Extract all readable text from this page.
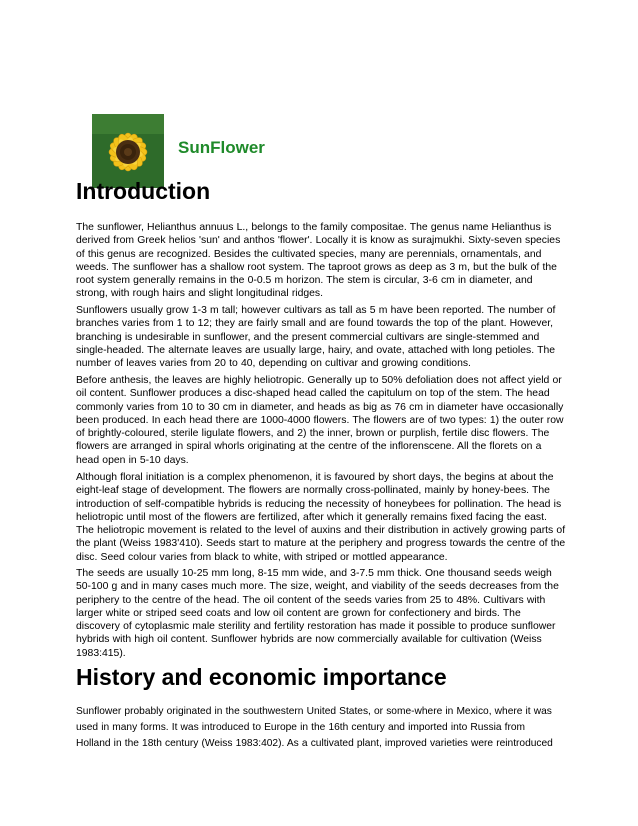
SunFlower
Introduction
The sunflower, Helianthus annuus L., belongs to the family compositae. The genus name Helianthus is
derived from Greek helios 'sun' and anthos 'flower'. Locally it is know as surajmukhi. Sixty-seven species
of this genus are recognized. Besides the cultivated species, many are perennials, ornamentals, and
weeds. The sunflower has a shallow root system. The taproot grows as deep as 3 m, but the bulk of the
root system generally remains in the 0-0.5 m horizon. The stem is circular, 3-6 cm in diameter, and
strong, with rough hairs and slight longitudinal ridges.
Sunflowers usually grow 1-3 m tall; however cultivars as tall as 5 m have been reported. The number of
branches varies from 1 to 12; they are fairly small and are found towards the top of the plant. However,
branching is undesirable in sunflower, and the present commercial cultivars are single-stemmed and
single-headed. The alternate leaves are usually large, hairy, and ovate, attached with long petioles. The
number of leaves varies from 20 to 40, depending on cultivar and growing conditions.
Before anthesis, the leaves are highly heliotropic. Generally up to 50% defoliation does not affect yield or
oil content. Sunflower produces a disc-shaped head called the capitulum on top of the stem. The head
commonly varies from 10 to 30 cm in diameter, and heads as big as 76 cm in diameter have occasionally
been produced. In each head there are 1000-4000 flowers. The flowers are of two types: 1) the outer row
of brightly-coloured, sterile ligulate flowers, and 2) the inner, brown or purplish, fertile disc flowers. The
flowers are arranged in spiral whorls originating at the centre of the inflorenscene. All the florets on a
head open in 5-10 days.
Although floral initiation is a complex phenomenon, it is favoured by short days, the begins at about the
eight-leaf stage of development. The flowers are normally cross-pollinated, mainly by honey-bees. The
introduction of self-compatible hybrids is reducing the necessity of honeybees for pollination. The head is
heliotropic until most of the flowers are fertilized, after which it generally remains fixed facing the east.
The heliotropic movement is related to the level of auxins and their distribution in actively growing parts of
the plant (Weiss 1983'410). Seeds start to mature at the periphery and progress towards the centre of the
disc. Seed colour varies from black to white, with striped or mottled appearance.
The seeds are usually 10-25 mm long, 8-15 mm wide, and 3-7.5 mm thick. One thousand seeds weigh
50-100 g and in many cases much more. The size, weight, and viability of the seeds decreases from the
periphery to the centre of the head. The oil content of the seeds varies from 25 to 48%. Cultivars with
larger white or striped seed coats and low oil content are grown for confectionery and birds. The
discovery of cytoplasmic male sterility and fertility restoration has made it possible to produce sunflower
hybrids with high oil content. Sunflower hybrids are now commercially available for cultivation (Weiss
1983:415).
History and economic importance
Sunflower probably originated in the southwestern United States, or some-where in Mexico, where it was
used in many forms. It was introduced to Europe in the 16th century and imported into Russia from
Holland in the 18th century (Weiss 1983:402). As a cultivated plant, improved varieties were reintroduced
